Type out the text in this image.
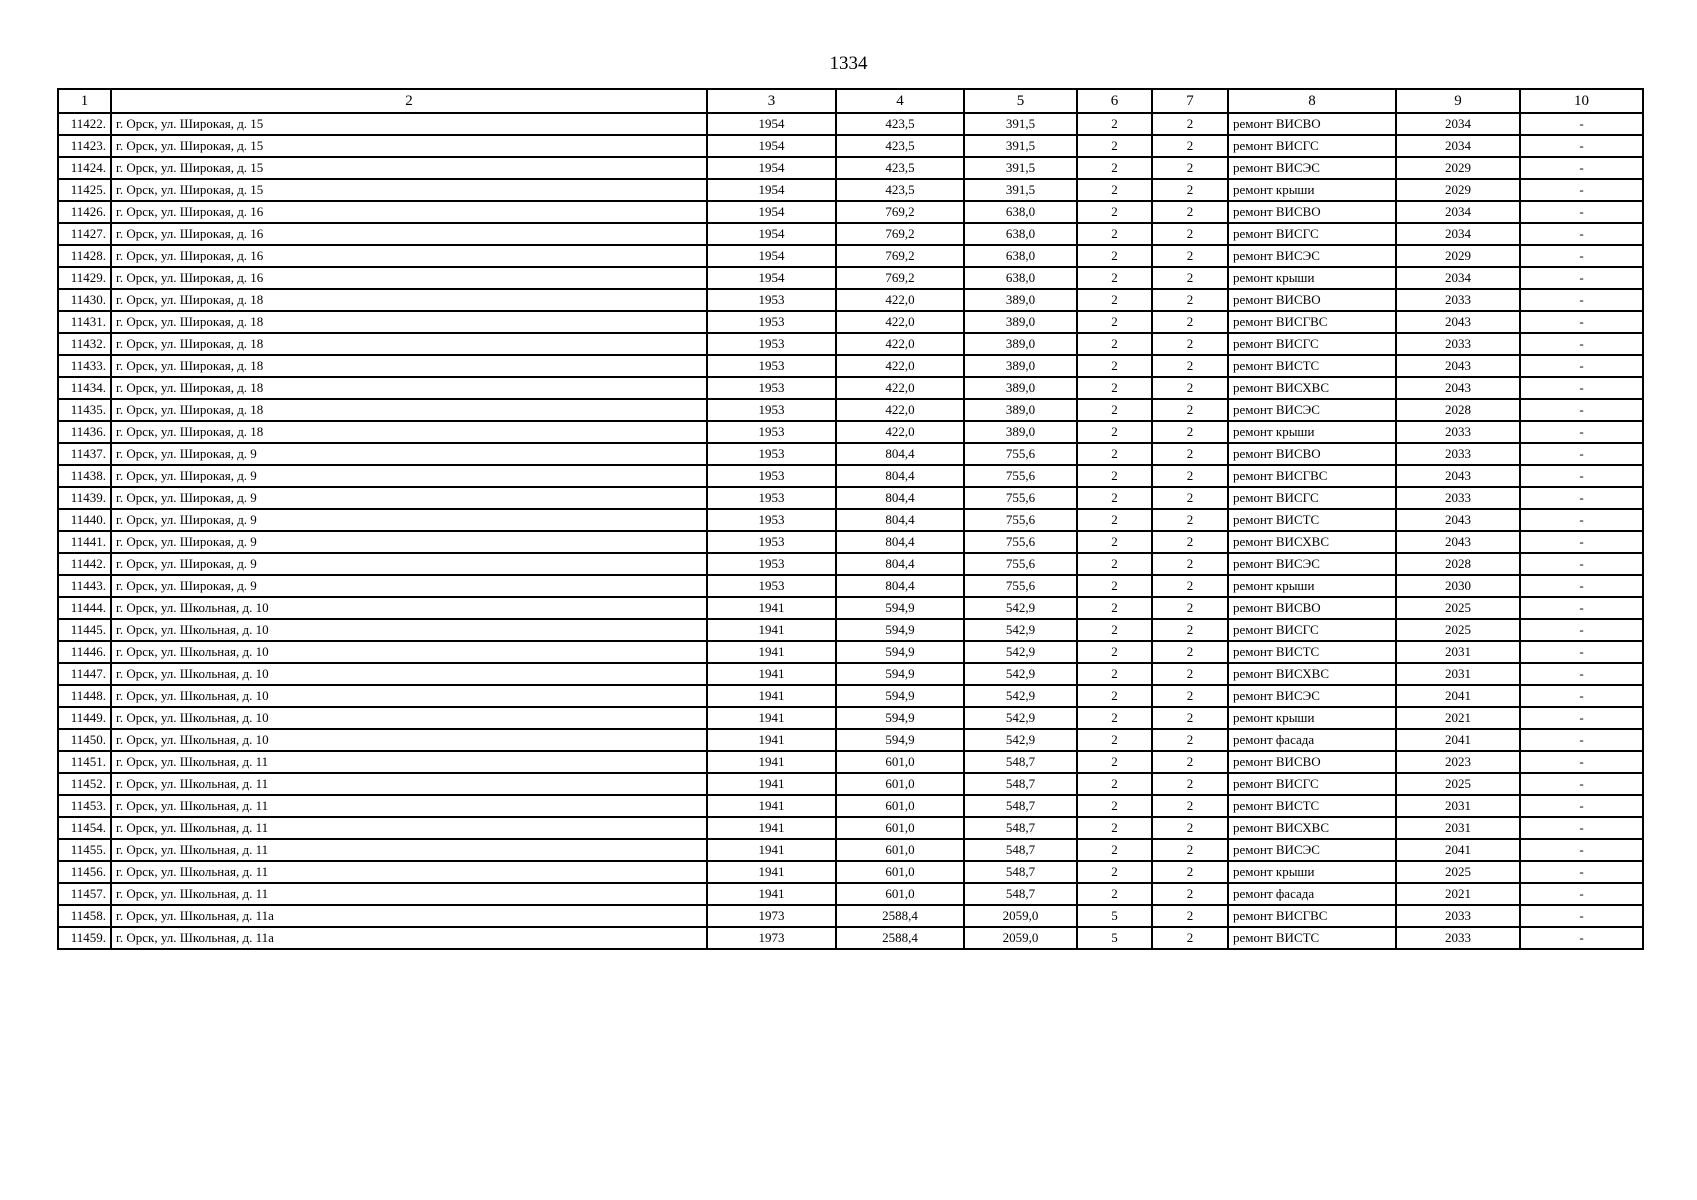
1334
1	2	3	4	5	6	7	8	9	10
11422.	г. Орск, ул. Широкая, д. 15	1954	423,5	391,5	2	2	ремонт ВИСВО	2034	-
11423.	г. Орск, ул. Широкая, д. 15	1954	423,5	391,5	2	2	ремонт ВИСГС	2034	-
11424.	г. Орск, ул. Широкая, д. 15	1954	423,5	391,5	2	2	ремонт ВИСЭС	2029	-
11425.	г. Орск, ул. Широкая, д. 15	1954	423,5	391,5	2	2	ремонт крыши	2029	-
11426.	г. Орск, ул. Широкая, д. 16	1954	769,2	638,0	2	2	ремонт ВИСВО	2034	-
11427.	г. Орск, ул. Широкая, д. 16	1954	769,2	638,0	2	2	ремонт ВИСГС	2034	-
11428.	г. Орск, ул. Широкая, д. 16	1954	769,2	638,0	2	2	ремонт ВИСЭС	2029	-
11429.	г. Орск, ул. Широкая, д. 16	1954	769,2	638,0	2	2	ремонт крыши	2034	-
11430.	г. Орск, ул. Широкая, д. 18	1953	422,0	389,0	2	2	ремонт ВИСВО	2033	-
11431.	г. Орск, ул. Широкая, д. 18	1953	422,0	389,0	2	2	ремонт ВИСГВС	2043	-
11432.	г. Орск, ул. Широкая, д. 18	1953	422,0	389,0	2	2	ремонт ВИСГС	2033	-
11433.	г. Орск, ул. Широкая, д. 18	1953	422,0	389,0	2	2	ремонт ВИСТС	2043	-
11434.	г. Орск, ул. Широкая, д. 18	1953	422,0	389,0	2	2	ремонт ВИСХВС	2043	-
11435.	г. Орск, ул. Широкая, д. 18	1953	422,0	389,0	2	2	ремонт ВИСЭС	2028	-
11436.	г. Орск, ул. Широкая, д. 18	1953	422,0	389,0	2	2	ремонт крыши	2033	-
11437.	г. Орск, ул. Широкая, д. 9	1953	804,4	755,6	2	2	ремонт ВИСВО	2033	-
11438.	г. Орск, ул. Широкая, д. 9	1953	804,4	755,6	2	2	ремонт ВИСГВС	2043	-
11439.	г. Орск, ул. Широкая, д. 9	1953	804,4	755,6	2	2	ремонт ВИСГС	2033	-
11440.	г. Орск, ул. Широкая, д. 9	1953	804,4	755,6	2	2	ремонт ВИСТС	2043	-
11441.	г. Орск, ул. Широкая, д. 9	1953	804,4	755,6	2	2	ремонт ВИСХВС	2043	-
11442.	г. Орск, ул. Широкая, д. 9	1953	804,4	755,6	2	2	ремонт ВИСЭС	2028	-
11443.	г. Орск, ул. Широкая, д. 9	1953	804,4	755,6	2	2	ремонт крыши	2030	-
11444.	г. Орск, ул. Школьная, д. 10	1941	594,9	542,9	2	2	ремонт ВИСВО	2025	-
11445.	г. Орск, ул. Школьная, д. 10	1941	594,9	542,9	2	2	ремонт ВИСГС	2025	-
11446.	г. Орск, ул. Школьная, д. 10	1941	594,9	542,9	2	2	ремонт ВИСТС	2031	-
11447.	г. Орск, ул. Школьная, д. 10	1941	594,9	542,9	2	2	ремонт ВИСХВС	2031	-
11448.	г. Орск, ул. Школьная, д. 10	1941	594,9	542,9	2	2	ремонт ВИСЭС	2041	-
11449.	г. Орск, ул. Школьная, д. 10	1941	594,9	542,9	2	2	ремонт крыши	2021	-
11450.	г. Орск, ул. Школьная, д. 10	1941	594,9	542,9	2	2	ремонт фасада	2041	-
11451.	г. Орск, ул. Школьная, д. 11	1941	601,0	548,7	2	2	ремонт ВИСВО	2023	-
11452.	г. Орск, ул. Школьная, д. 11	1941	601,0	548,7	2	2	ремонт ВИСГС	2025	-
11453.	г. Орск, ул. Школьная, д. 11	1941	601,0	548,7	2	2	ремонт ВИСТС	2031	-
11454.	г. Орск, ул. Школьная, д. 11	1941	601,0	548,7	2	2	ремонт ВИСХВС	2031	-
11455.	г. Орск, ул. Школьная, д. 11	1941	601,0	548,7	2	2	ремонт ВИСЭС	2041	-
11456.	г. Орск, ул. Школьная, д. 11	1941	601,0	548,7	2	2	ремонт крыши	2025	-
11457.	г. Орск, ул. Школьная, д. 11	1941	601,0	548,7	2	2	ремонт фасада	2021	-
11458.	г. Орск, ул. Школьная, д. 11а	1973	2588,4	2059,0	5	2	ремонт ВИСГВС	2033	-
11459.	г. Орск, ул. Школьная, д. 11а	1973	2588,4	2059,0	5	2	ремонт ВИСТС	2033	-
